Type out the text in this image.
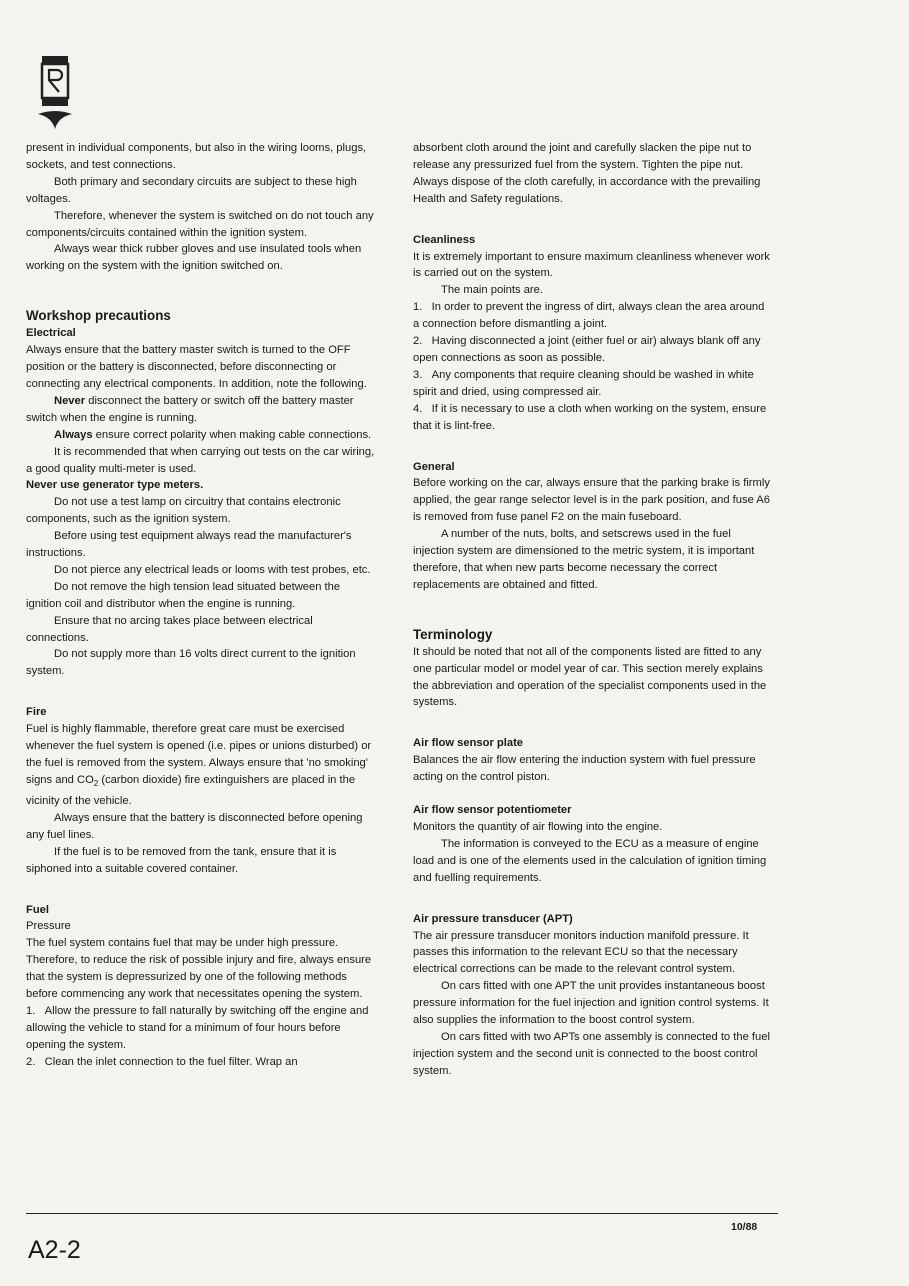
present in individual components, but also in the wiring looms, plugs, sockets, and test connections.

Both primary and secondary circuits are subject to these high voltages.

Therefore, whenever the system is switched on do not touch any components/circuits contained within the ignition system.

Always wear thick rubber gloves and use insulated tools when working on the system with the ignition switched on.

Workshop precautions

Electrical

Always ensure that the battery master switch is turned to the OFF position or the battery is disconnected, before disconnecting or connecting any electrical components. In addition, note the following.

Never disconnect the battery or switch off the battery master switch when the engine is running.

Always ensure correct polarity when making cable connections.

It is recommended that when carrying out tests on the car wiring, a good quality multi-meter is used.

Never use generator type meters.

Do not use a test lamp on circuitry that contains electronic components, such as the ignition system.

Before using test equipment always read the manufacturer's instructions.

Do not pierce any electrical leads or looms with test probes, etc.

Do not remove the high tension lead situated between the ignition coil and distributor when the engine is running.

Ensure that no arcing takes place between electrical connections.

Do not supply more than 16 volts direct current to the ignition system.

Fire

Fuel is highly flammable, therefore great care must be exercised whenever the fuel system is opened (i.e. pipes or unions disturbed) or the fuel is removed from the system. Always ensure that 'no smoking' signs and $CO_2$ (carbon dioxide) fire extinguishers are placed in the vicinity of the vehicle.

Always ensure that the battery is disconnected before opening any fuel lines.

If the fuel is to be removed from the tank, ensure that it is siphoned into a suitable covered container.

Fuel

Pressure

The fuel system contains fuel that may be under high pressure. Therefore, to reduce the risk of possible injury and fire, always ensure that the system is depressurized by one of the following methods before commencing any work that necessitates opening the system.

1.   Allow the pressure to fall naturally by switching off the engine and allowing the vehicle to stand for a minimum of four hours before opening the system.

2.   Clean the inlet connection to the fuel filter. Wrap an

absorbent cloth around the joint and carefully slacken the pipe nut to release any pressurized fuel from the system. Tighten the pipe nut. Always dispose of the cloth carefully, in accordance with the prevailing Health and Safety regulations.

Cleanliness

It is extremely important to ensure maximum cleanliness whenever work is carried out on the system.

The main points are.

1.   In order to prevent the ingress of dirt, always clean the area around a connection before dismantling a joint.

2.   Having disconnected a joint (either fuel or air) always blank off any open connections as soon as possible.

3.   Any components that require cleaning should be washed in white spirit and dried, using compressed air.

4.   If it is necessary to use a cloth when working on the system, ensure that it is lint-free.

General

Before working on the car, always ensure that the parking brake is firmly applied, the gear range selector level is in the park position, and fuse A6 is removed from fuse panel F2 on the main fuseboard.

A number of the nuts, bolts, and setscrews used in the fuel injection system are dimensioned to the metric system, it is important therefore, that when new parts become necessary the correct replacements are obtained and fitted.

Terminology

It should be noted that not all of the components listed are fitted to any one particular model or model year of car. This section merely explains the abbreviation and operation of the specialist components used in the systems.

Air flow sensor plate

Balances the air flow entering the induction system with fuel pressure acting on the control piston.

Air flow sensor potentiometer

Monitors the quantity of air flowing into the engine.

The information is conveyed to the ECU as a measure of engine load and is one of the elements used in the calculation of ignition timing and fuelling requirements.

Air pressure transducer (APT)

The air pressure transducer monitors induction manifold pressure. It passes this information to the relevant ECU so that the necessary electrical corrections can be made to the relevant control system.

On cars fitted with one APT the unit provides instantaneous boost pressure information for the fuel injection and ignition control systems. It also supplies the information to the boost control system.

On cars fitted with two APTs one assembly is connected to the fuel injection system and the second unit is connected to the boost control system.

10/88
A2-2
